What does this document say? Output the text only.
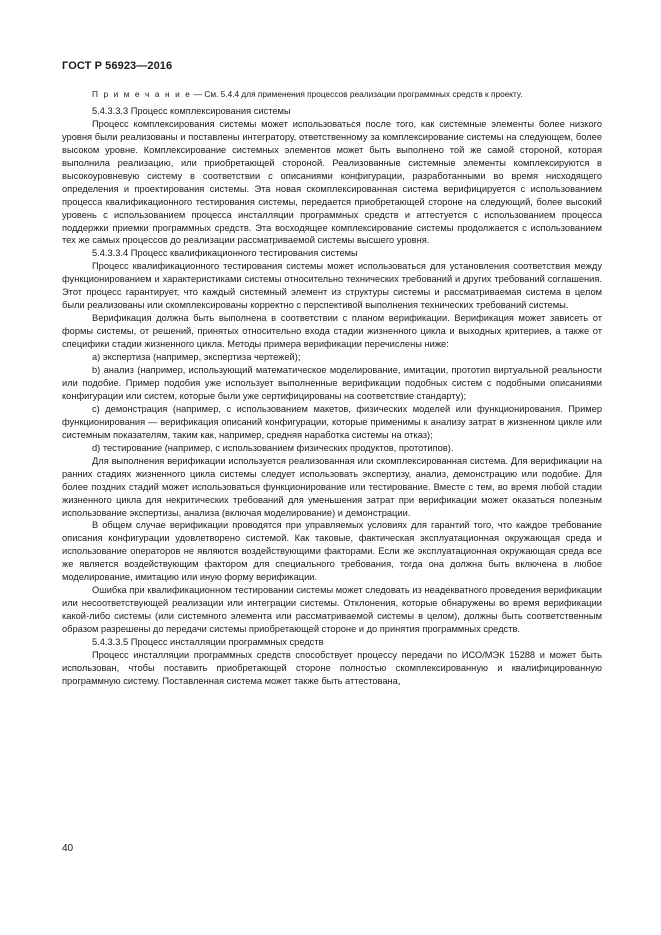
ГОСТ Р 56923—2016

П р и м е ч а н и е — См. 5.4.4 для применения процессов реализации программных средств к проекту.

5.4.3.3.3 Процесс комплексирования системы

Процесс комплексирования системы может использоваться после того, как системные элементы более низкого уровня были реализованы и поставлены интегратору, ответственному за комплексирование системы на следующем, более высоком уровне. Комплексирование системных элементов может быть выполнено той же самой стороной, которая выполнила реализацию, или приобретающей стороной. Реализованные системные элементы комплексируются в высокоуровневую систему в соответствии с описаниями конфигурации, разработанными во время нисходящего определения и проектирования системы. Эта новая скомплексированная система верифицируется с использованием процесса квалификационного тестирования системы, передается приобретающей стороне на следующий, более высокий уровень с использованием процесса инсталляции программных средств и аттестуется с использованием процесса поддержки приемки программных средств. Эта восходящее комплексирование системы продолжается с использованием тех же самых процессов до реализации рассматриваемой системы высшего уровня.

5.4.3.3.4 Процесс квалификационного тестирования системы

Процесс квалификационного тестирования системы может использоваться для установления соответствия между функционированием и характеристиками системы относительно технических требований и других требований соглашения. Этот процесс гарантирует, что каждый системный элемент из структуры системы и рассматриваемая система в целом были реализованы или скомплексированы корректно с перспективой выполнения технических требований системы.

Верификация должна быть выполнена в соответствии с планом верификации. Верификация может зависеть от формы системы, от решений, принятых относительно входа стадии жизненного цикла и выходных критериев, а также от специфики стадии жизненного цикла. Методы примера верификации перечислены ниже:

a) экспертиза (например, экспертиза чертежей);

b) анализ (например, использующий математическое моделирование, имитации, прототип виртуальной реальности или подобие. Пример подобия уже использует выполненные верификации подобных систем с подобными описаниями конфигурации или систем, которые были уже сертифицированы на соответствие стандарту);

c) демонстрация (например, с использованием макетов, физических моделей или функционирования. Пример функционирования — верификация описаний конфигурации, которые применимы к анализу затрат в жизненном цикле или системным показателям, таким как, например, средняя наработка системы на отказ);

d) тестирование (например, с использованием физических продуктов, прототипов).

Для выполнения верификации используется реализованная или скомплексированная система. Для верификации на ранних стадиях жизненного цикла системы следует использовать экспертизу, анализ, демонстрацию или подобие. Для более поздних стадий может использоваться функционирование или тестирование. Вместе с тем, во время любой стадии жизненного цикла для некритических требований для уменьшения затрат при верификации может оказаться полезным использование экспертизы, анализа (включая моделирование) и демонстрации.

В общем случае верификации проводятся при управляемых условиях для гарантий того, что каждое требование описания конфигурации удовлетворено системой. Как таковые, фактическая эксплуатационная окружающая среда и использование операторов не являются воздействующими факторами. Если же эксплуатационная окружающая среда все же является воздействующим фактором для специального требования, тогда она должна быть включена в любое моделирование, имитацию или иную форму верификации.

Ошибка при квалификационном тестировании системы может следовать из неадекватного проведения верификации или несоответствующей реализации или интеграции системы. Отклонения, которые обнаружены во время верификации какой-либо системы (или системного элемента или рассматриваемой системы в целом), должны быть соответственным образом разрешены до передачи системы приобретающей стороне и до принятия программных средств.

5.4.3.3.5 Процесс инсталляции программных средств

Процесс инсталляции программных средств способствует процессу передачи по ИСО/МЭК 15288 и может быть использован, чтобы поставить приобретающей стороне полностью скомплексированную и квалифицированную программную систему. Поставленная система может также быть аттестована,

40
